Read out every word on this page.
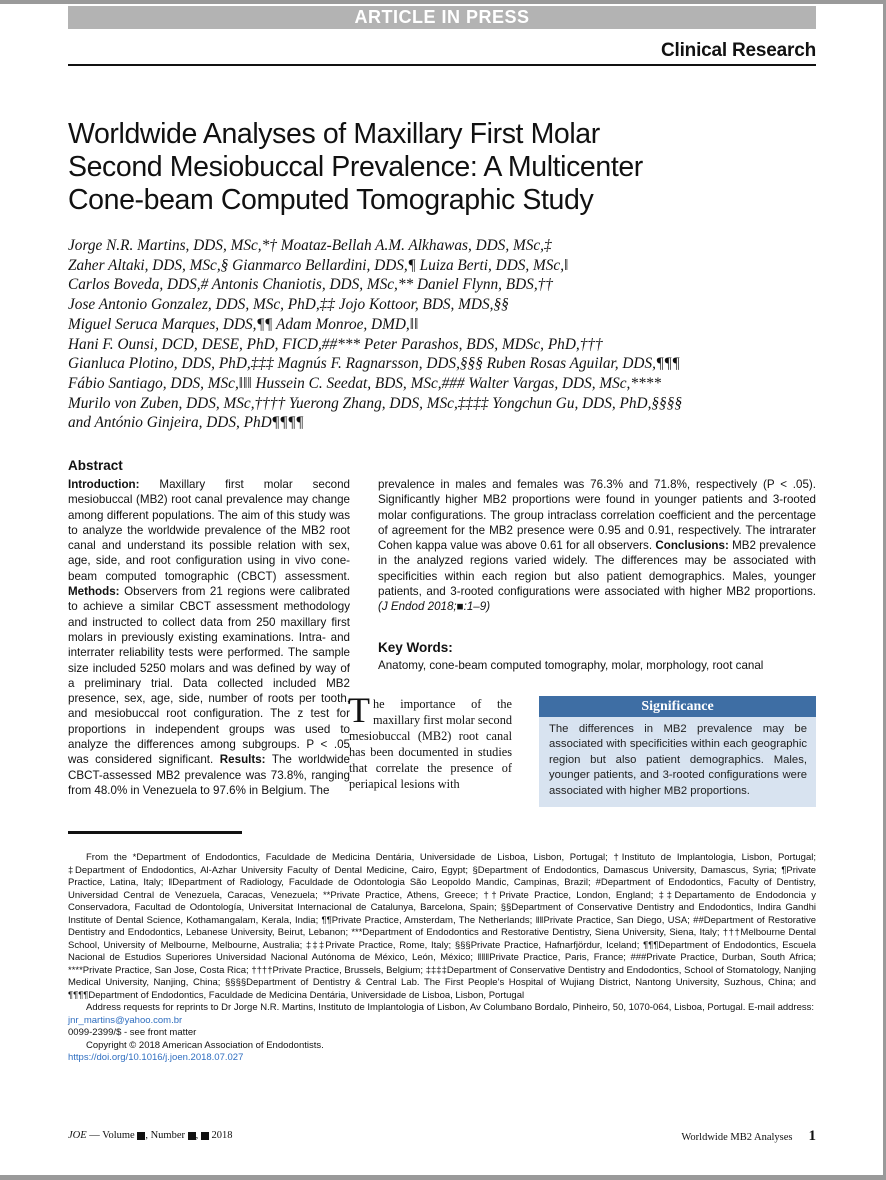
ARTICLE IN PRESS
Clinical Research
Worldwide Analyses of Maxillary First Molar
Second Mesiobuccal Prevalence: A Multicenter
Cone-beam Computed Tomographic Study
Jorge N.R. Martins, DDS, MSc,*† Moataz-Bellah A.M. Alkhawas, DDS, MSc,‡
Zaher Altaki, DDS, MSc,§ Gianmarco Bellardini, DDS,¶ Luiza Berti, DDS, MSc,‖
Carlos Boveda, DDS,# Antonis Chaniotis, DDS, MSc,** Daniel Flynn, BDS,††
Jose Antonio Gonzalez, DDS, MSc, PhD,‡‡ Jojo Kottoor, BDS, MDS,§§
Miguel Seruca Marques, DDS,¶¶ Adam Monroe, DMD,‖‖
Hani F. Ounsi, DCD, DESE, PhD, FICD,##*** Peter Parashos, BDS, MDSc, PhD,†††
Gianluca Plotino, DDS, PhD,‡‡‡ Magnús F. Ragnarsson, DDS,§§§ Ruben Rosas Aguilar, DDS,¶¶¶
Fábio Santiago, DDS, MSc,‖‖‖ Hussein C. Seedat, BDS, MSc,### Walter Vargas, DDS, MSc,****
Murilo von Zuben, DDS, MSc,†††† Yuerong Zhang, DDS, MSc,‡‡‡‡ Yongchun Gu, DDS, PhD,§§§§
and António Ginjeira, DDS, PhD¶¶¶¶
Abstract
Introduction: Maxillary first molar second mesiobuccal (MB2) root canal prevalence may change among different populations. The aim of this study was to analyze the worldwide prevalence of the MB2 root canal and understand its possible relation with sex, age, side, and root configuration using in vivo cone-beam computed tomographic (CBCT) assessment. Methods: Observers from 21 regions were calibrated to achieve a similar CBCT assessment methodology and instructed to collect data from 250 maxillary first molars in previously existing examinations. Intra- and interrater reliability tests were performed. The sample size included 5250 molars and was defined by way of a preliminary trial. Data collected included MB2 presence, sex, age, side, number of roots per tooth, and mesiobuccal root configuration. The z test for proportions in independent groups was used to analyze the differences among subgroups. P < .05 was considered significant. Results: The worldwide CBCT-assessed MB2 prevalence was 73.8%, ranging from 48.0% in Venezuela to 97.6% in Belgium. The
Key Words:
Anatomy, cone-beam computed tomography, molar, morphology, root canal
The importance of the maxillary first molar second mesiobuccal (MB2) root canal has been documented in studies that correlate the presence of periapical lesions with
Significance
The differences in MB2 prevalence may be associated with specificities within each geographic region but also patient demographics. Males, younger patients, and 3-rooted configurations were associated with higher MB2 proportions.
From the *Department of Endodontics, Faculdade de Medicina Dentária, Universidade de Lisboa, Lisbon, Portugal; †Instituto de Implantologia, Lisbon, Portugal; ‡Department of Endodontics, Al-Azhar University Faculty of Dental Medicine, Cairo, Egypt; §Department of Endodontics, Damascus University, Damascus, Syria; ¶Private Practice, Latina, Italy; ‖Department of Radiology, Faculdade de Odontologia São Leopoldo Mandic, Campinas, Brazil; #Department of Endodontics, Faculty of Dentistry, Universidad Central de Venezuela, Caracas, Venezuela; **Private Practice, Athens, Greece; ††Private Practice, London, England; ‡‡Departamento de Endodoncia y Conservadora, Facultad de Odontología, Universitat Internacional de Catalunya, Barcelona, Spain; §§Department of Conservative Dentistry and Endodontics, Indira Gandhi Institute of Dental Science, Kothamangalam, Kerala, India; ¶¶Private Practice, Amsterdam, The Netherlands; ‖‖Private Practice, San Diego, USA; ##Department of Restorative Dentistry and Endodontics, Lebanese University, Beirut, Lebanon; ***Department of Endodontics and Restorative Dentistry, Siena University, Siena, Italy; †††Melbourne Dental School, University of Melbourne, Melbourne, Australia; ‡‡‡Private Practice, Rome, Italy; §§§Private Practice, Hafnarfjördur, Iceland; ¶¶¶Department of Endodontics, Escuela Nacional de Estudios Superiores Universidad Nacional Autónoma de México, León, México; ‖‖‖Private Practice, Paris, France; ###Private Practice, Durban, South Africa; ****Private Practice, San Jose, Costa Rica; ††††Private Practice, Brussels, Belgium; ‡‡‡‡Department of Conservative Dentistry and Endodontics, School of Stomatology, Nanjing Medical University, Nanjing, China; §§§§Department of Dentistry & Central Lab. The First People’s Hospital of Wujiang District, Nantong University, Suzhous, China; and ¶¶¶¶Department of Endodontics, Faculdade de Medicina Dentária, Universidade de Lisboa, Lisbon, Portugal
Address requests for reprints to Dr Jorge N.R. Martins, Instituto de Implantologia of Lisbon, Av Columbano Bordalo, Pinheiro, 50, 1070-064, Lisboa, Portugal. E-mail address: jnr_martins@yahoo.com.br
0099-2399/$ - see front matter
Copyright © 2018 American Association of Endodontists.
https://doi.org/10.1016/j.joen.2018.07.027
JOE — Volume , Number ,  2018	Worldwide MB2 Analyses 1
prevalence in males and females was 76.3% and 71.8%, respectively (P < .05). Significantly higher MB2 proportions were found in younger patients and 3-rooted molar configurations. The group intraclass correlation coefficient and the percentage of agreement for the MB2 presence were 0.95 and 0.91, respectively. The intrarater Cohen kappa value was above 0.61 for all observers. Conclusions: MB2 prevalence in the analyzed regions varied widely. The differences may be associated with specificities within each region but also patient demographics. Males, younger patients, and 3-rooted configurations were associated with higher MB2 proportions. (J Endod 2018;■:1–9)
